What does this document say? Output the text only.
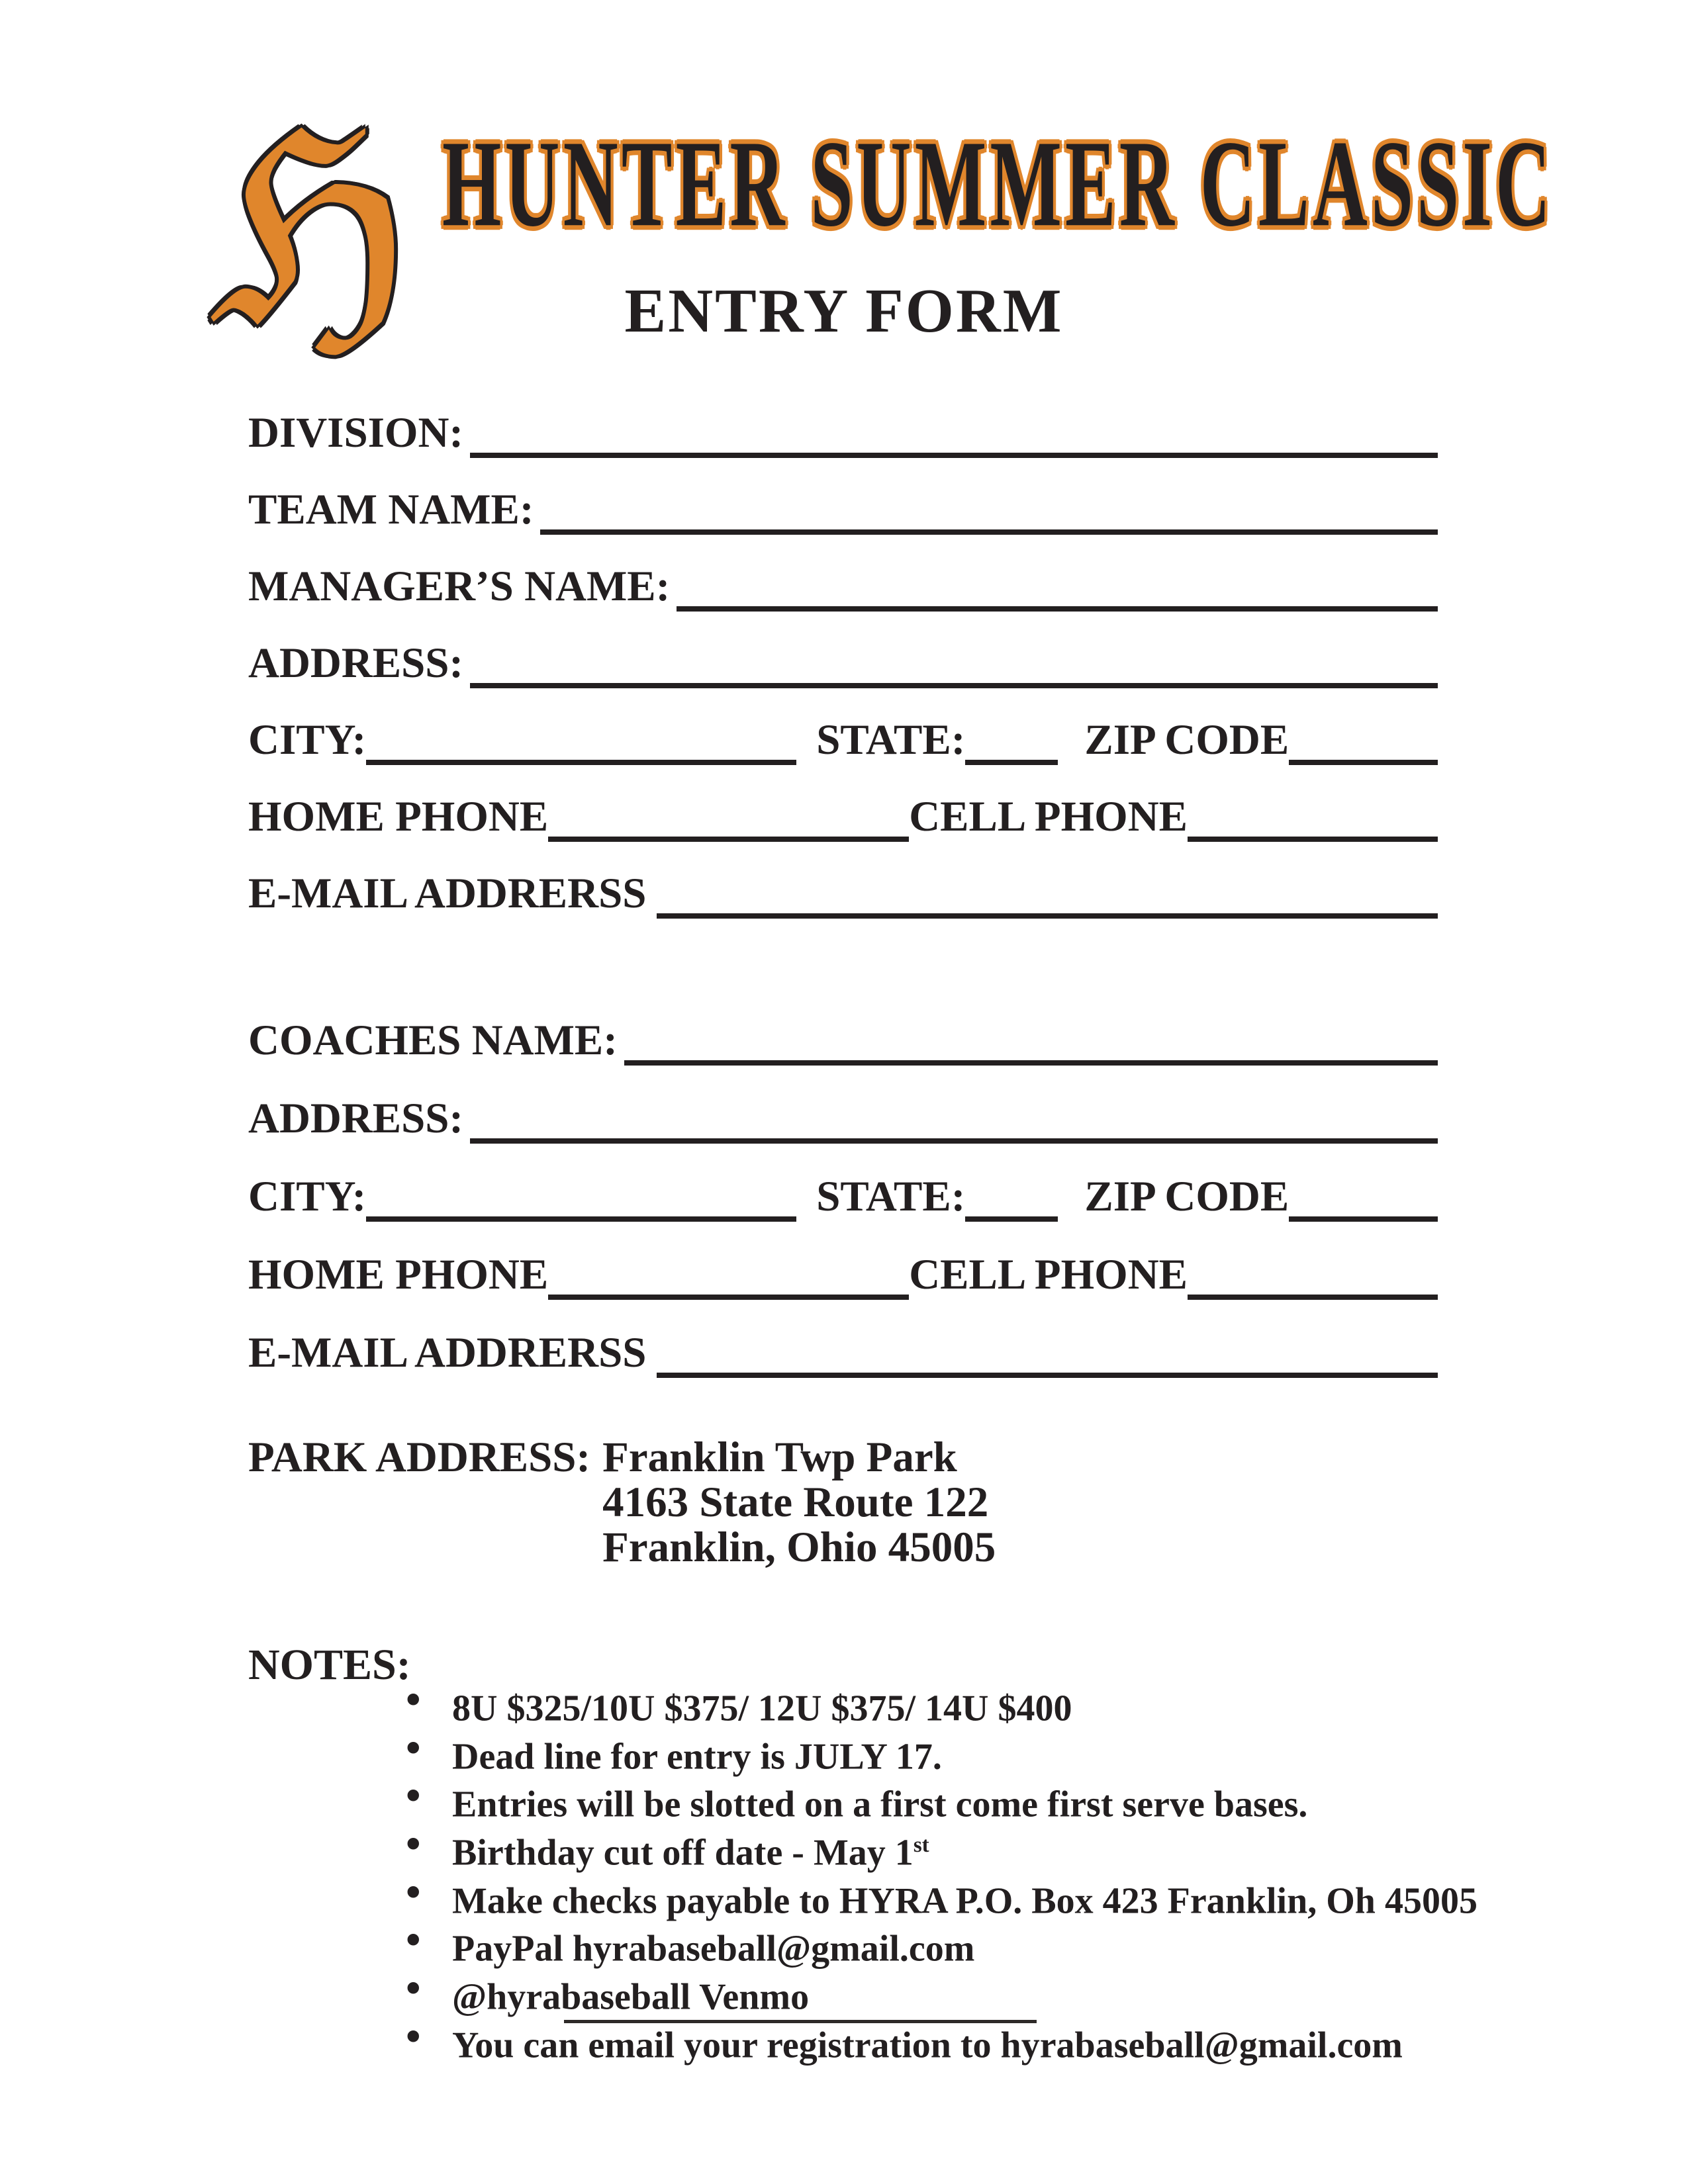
ℌ HUNTER SUMMER CLASSIC
ENTRY FORM
DIVISION:
TEAM NAME:
MANAGER’S NAME:
ADDRESS:
CITY:	STATE:	ZIP CODE
HOME PHONE	CELL PHONE
E-MAIL ADDRERSS
COACHES NAME:
ADDRESS:
CITY:	STATE:	ZIP CODE
HOME PHONE	CELL PHONE
E-MAIL ADDRERSS
PARK ADDRESS: Franklin Twp Park
4163 State Route 122
Franklin, Ohio 45005
NOTES:
• 8U $325/10U $375/ 12U $375/ 14U $400
• Dead line for entry is JULY 17.
• Entries will be slotted on a first come first serve bases.
• Birthday cut off date - May 1st
• Make checks payable to HYRA P.O. Box 423 Franklin, Oh 45005
• PayPal hyrabaseball@gmail.com
• @hyrabaseball Venmo
• You can email your registration to hyrabaseball@gmail.com
